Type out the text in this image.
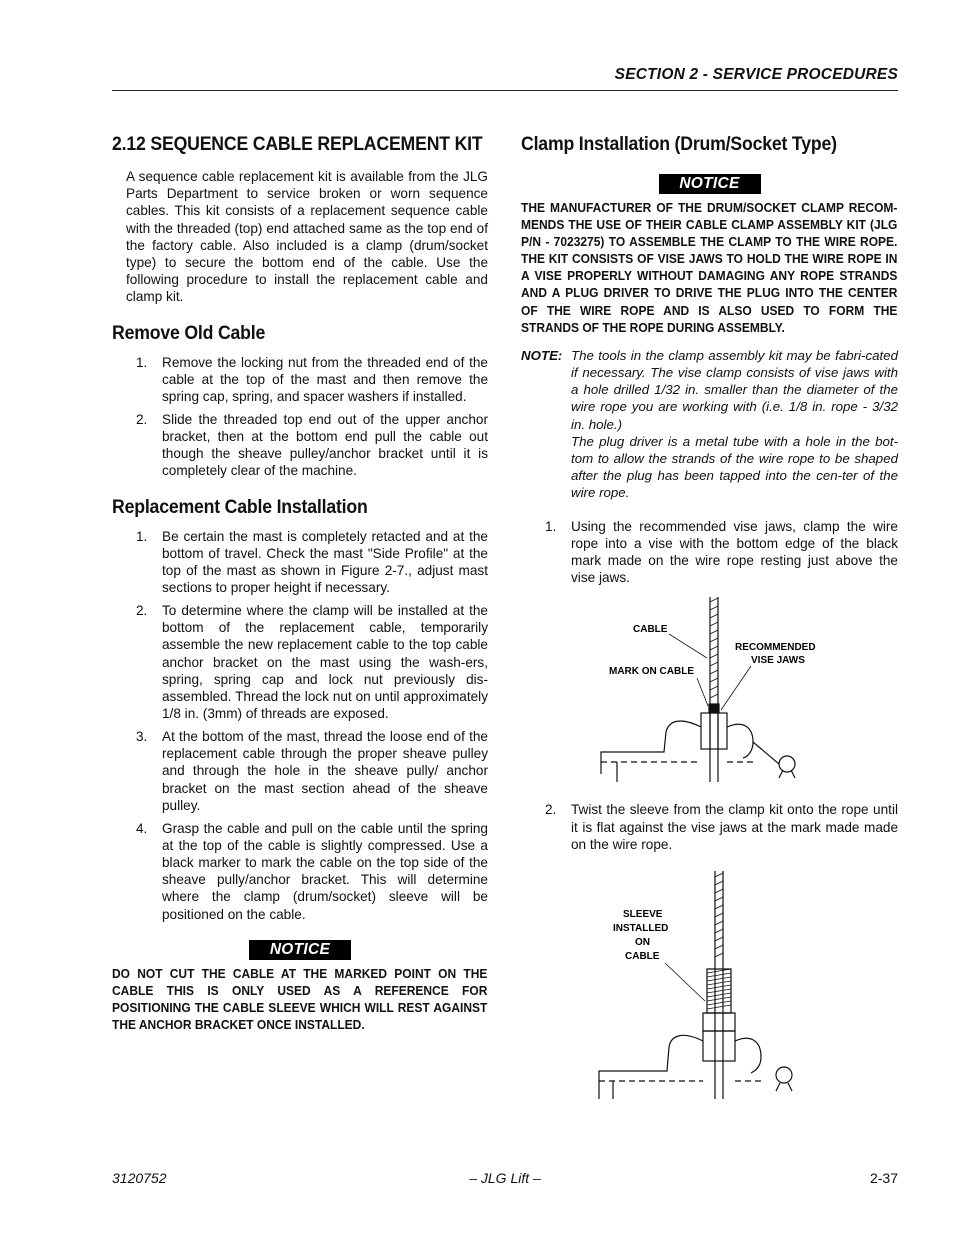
SECTION 2 - SERVICE PROCEDURES
2.12 SEQUENCE CABLE REPLACEMENT KIT

A sequence cable replacement kit is available from the JLG Parts Department to service broken or worn sequence cables. This kit consists of a replacement sequence cable with the threaded (top) end attached same as the top end of the factory cable. Also included is a clamp (drum/socket type) to secure the bottom end of the cable. Use the following procedure to install the replacement cable and clamp kit.

Remove Old Cable
1. Remove the locking nut from the threaded end of the cable at the top of the mast and then remove the spring cap, spring, and spacer washers if installed.
2. Slide the threaded top end out of the upper anchor bracket, then at the bottom end pull the cable out though the sheave pulley/anchor bracket until it is completely clear of the machine.
Replacement Cable Installation
1. Be certain the mast is completely retacted and at the bottom of travel. Check the mast "Side Profile" at the top of the mast as shown in Figure 2-7., adjust mast sections to proper height if necessary.
2. To determine where the clamp will be installed at the bottom of the replacement cable, temporarily assemble the new replacement cable to the top cable anchor bracket on the mast using the wash-ers, spring, spring cap and lock nut previously dis-assembled. Thread the lock nut on until approximately 1/8 in. (3mm) of threads are exposed.
3. At the bottom of the mast, thread the loose end of the replacement cable through the proper sheave pulley and through the hole in the sheave pully/ anchor bracket on the mast section ahead of the sheave pulley.
4. Grasp the cable and pull on the cable until the spring at the top of the cable is slightly compressed. Use a black marker to mark the cable on the top side of the sheave pully/anchor bracket. This will determine where the clamp (drum/socket) sleeve will be positioned on the cable.
NOTICE

DO NOT CUT THE CABLE AT THE MARKED POINT ON THE CABLE THIS IS ONLY USED AS A REFERENCE FOR POSITIONING THE CABLE SLEEVE WHICH WILL REST AGAINST THE ANCHOR BRACKET ONCE INSTALLED.

Clamp Installation (Drum/Socket Type)
NOTICE

THE MANUFACTURER OF THE DRUM/SOCKET CLAMP RECOM-MENDS THE USE OF THEIR CABLE CLAMP ASSEMBLY KIT (JLG P/N - 7023275) TO ASSEMBLE THE CLAMP TO THE WIRE ROPE. THE KIT CONSISTS OF VISE JAWS TO HOLD THE WIRE ROPE IN A VISE PROPERLY WITHOUT DAMAGING ANY ROPE STRANDS AND A PLUG DRIVER TO DRIVE THE PLUG INTO THE CENTER OF THE WIRE ROPE AND IS ALSO USED TO FORM THE STRANDS OF THE ROPE DURING ASSEMBLY.

NOTE: The tools in the clamp assembly kit may be fabri-cated if necessary. The vise clamp consists of vise jaws with a hole drilled 1/32 in. smaller than the diameter of the wire rope you are working with (i.e. 1/8 in. rope - 3/32 in. hole.)
The plug driver is a metal tube with a hole in the bot-tom to allow the strands of the wire rope to be shaped after the plug has been tapped into the cen-ter of the wire rope.
1. Using the recommended vise jaws, clamp the wire rope into a vise with the bottom edge of the black mark made on the wire rope resting just above the vise jaws.
CABLE
RECOMMENDED
VISE JAWS
MARK ON CABLE
2. Twist the sleeve from the clamp kit onto the rope until it is flat against the vise jaws at the mark made made on the wire rope.
SLEEVE
INSTALLED
ON
CABLE
3120752	– JLG Lift –	2-37
